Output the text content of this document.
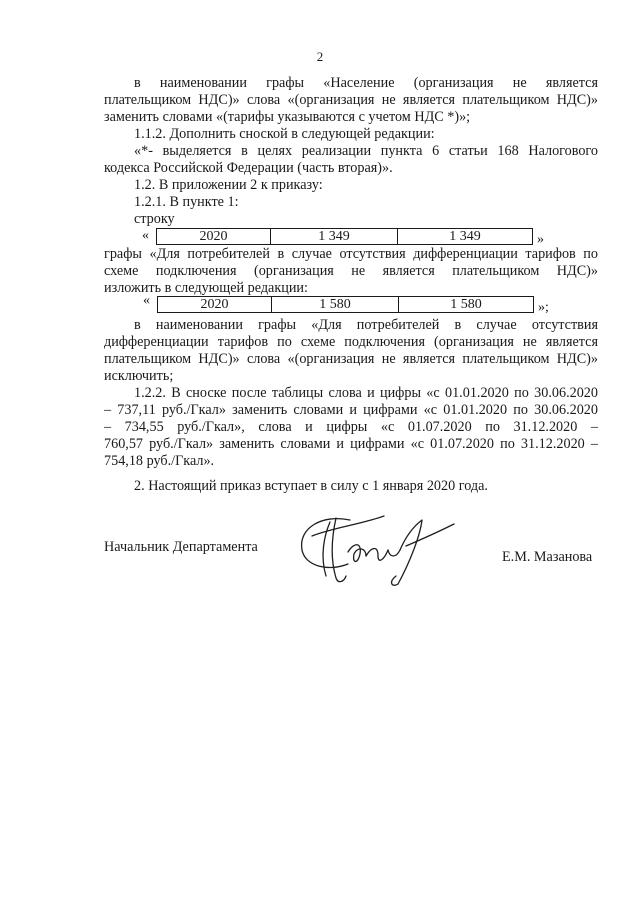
2
в наименовании графы «Население (организация не является
плательщиком НДС)» слова «(организация не является плательщиком НДС)»
заменить словами «(тарифы указываются с учетом НДС *)»;
1.1.2. Дополнить сноской в следующей редакции:
«*- выделяется в целях реализации пункта 6 статьи 168 Налогового
кодекса Российской Федерации (часть вторая)».
1.2. В приложении 2 к приказу:
1.2.1. В пункте 1:
строку
«	2020	1 349	1 349	»
графы «Для потребителей в случае отсутствия дифференциации тарифов по
схеме подключения (организация не является плательщиком НДС)»
изложить в следующей редакции:
«	2020	1 580	1 580	»;
в наименовании графы «Для потребителей в случае отсутствия
дифференциации тарифов по схеме подключения (организация не является
плательщиком НДС)» слова «(организация не является плательщиком НДС)»
исключить;
1.2.2. В сноске после таблицы слова и цифры «с 01.01.2020 по 30.06.2020
– 737,11 руб./Гкал» заменить словами и цифрами «с 01.01.2020 по 30.06.2020
– 734,55 руб./Гкал», слова и цифры «с 01.07.2020 по 31.12.2020 –
760,57 руб./Гкал» заменить словами и цифрами «с 01.07.2020 по 31.12.2020 –
754,18 руб./Гкал».
2. Настоящий приказ вступает в силу с 1 января 2020 года.
Начальник Департамента
Е.М. Мазанова
